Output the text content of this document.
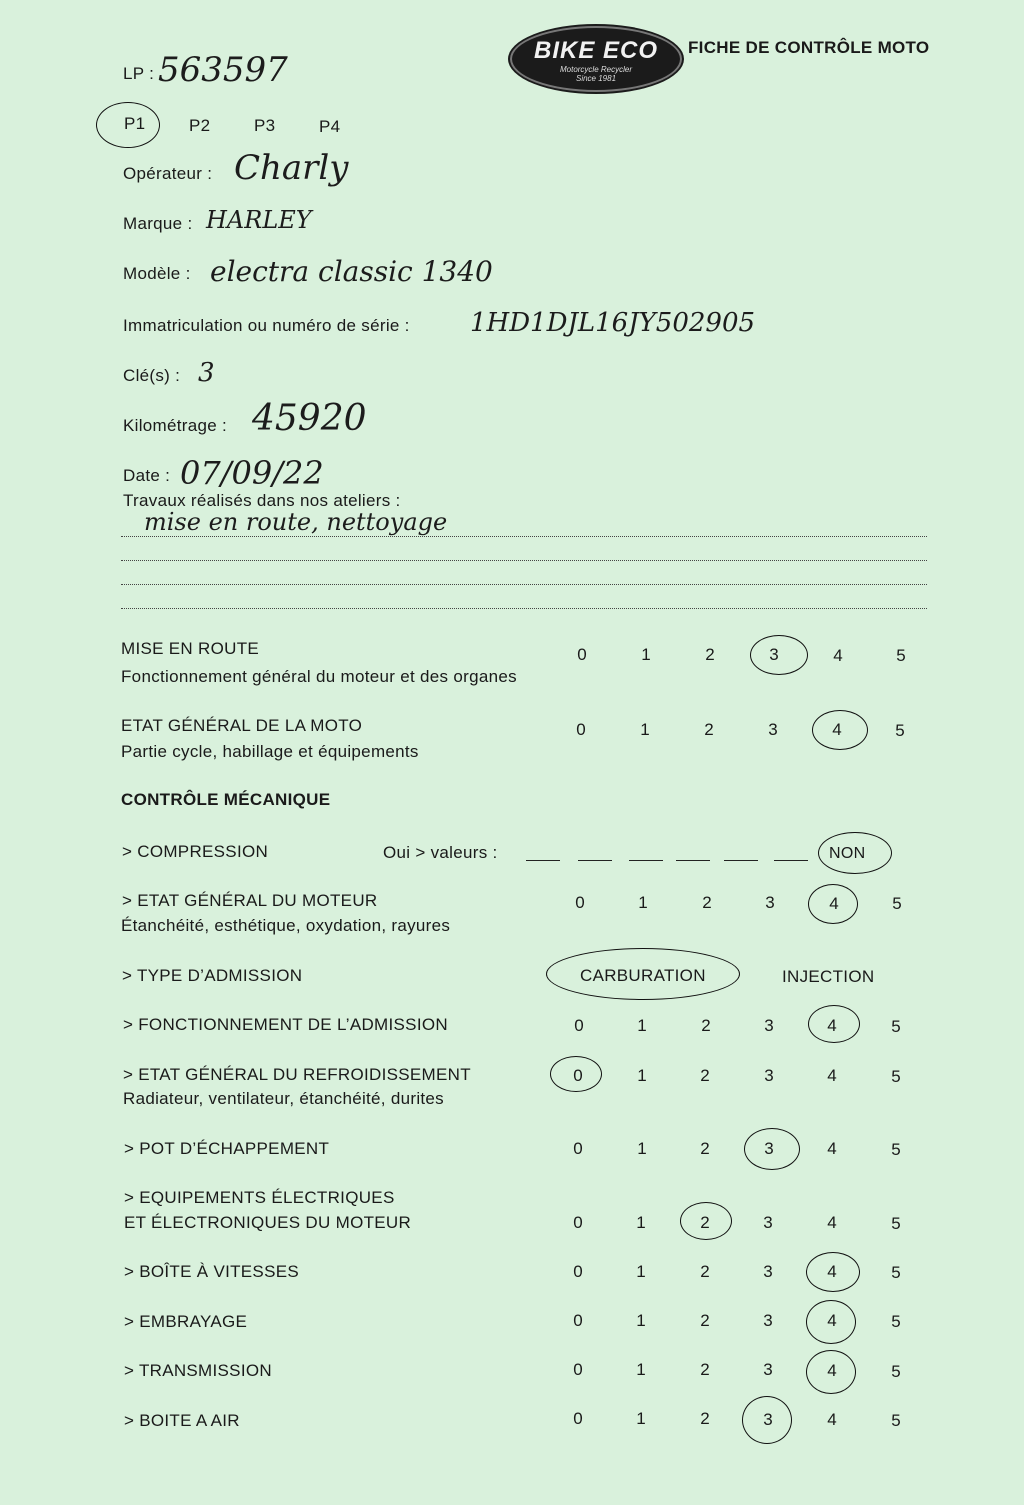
BIKE ECO
Motorcycle Recycler
Since 1981
FICHE DE CONTRÔLE MOTO
LP : 563597
P1	P2	P3	P4
Opérateur : Charly
Marque : HARLEY
Modèle : electra classic 1340
Immatriculation ou numéro de série : 1HD1DJL16JY502905
Clé(s) : 3
Kilométrage : 45920
Date : 07/09/22
Travaux réalisés dans nos ateliers :
mise en route, nettoyage
MISE EN ROUTE
Fonctionnement général du moteur et des organes
0	1	2	3	4	5
ETAT GÉNÉRAL DE LA MOTO
Partie cycle, habillage et équipements
0	1	2	3	4	5
CONTRÔLE MÉCANIQUE
> COMPRESSION	Oui > valeurs :	NON
> ETAT GÉNÉRAL DU MOTEUR
Étanchéité, esthétique, oxydation, rayures
0	1	2	3	4	5
> TYPE D’ADMISSION	CARBURATION	INJECTION
> FONCTIONNEMENT DE L’ADMISSION	0	1	2	3	4	5
> ETAT GÉNÉRAL DU REFROIDISSEMENT
Radiateur, ventilateur, étanchéité, durites
0	1	2	3	4	5
> POT D’ÉCHAPPEMENT	0	1	2	3	4	5
> EQUIPEMENTS ÉLECTRIQUES
ET ÉLECTRONIQUES DU MOTEUR	0	1	2	3	4	5
> BOÎTE À VITESSES	0	1	2	3	4	5
> EMBRAYAGE	0	1	2	3	4	5
> TRANSMISSION	0	1	2	3	4	5
> BOITE A AIR	0	1	2	3	4	5
